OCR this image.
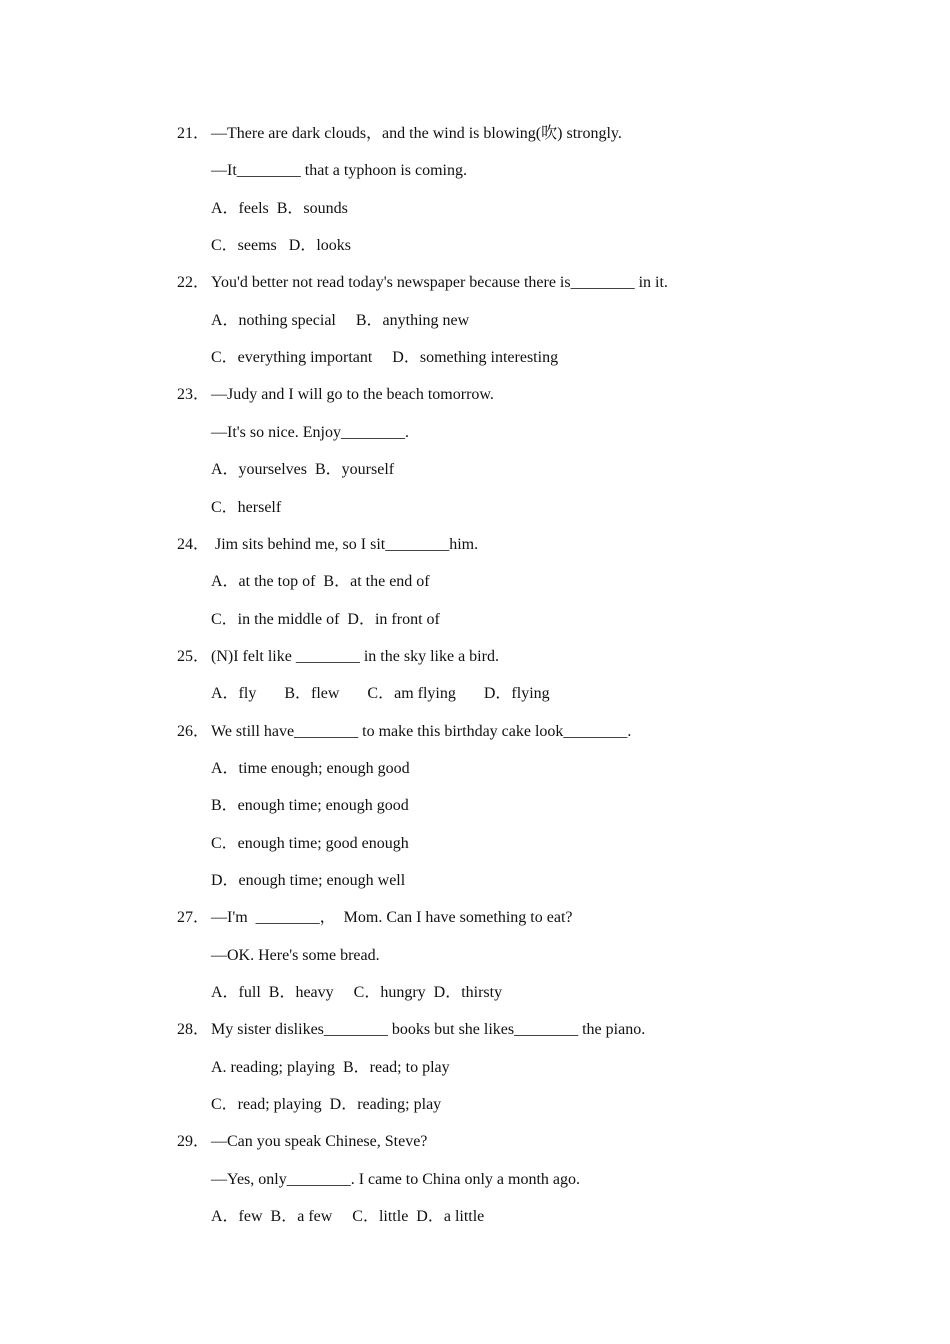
21． —There are dark clouds，and the wind is blowing(吹) strongly.
—It________ that a typhoon is coming.
A．feels  B．sounds
C．seems   D．looks
22． You'd better not read today's newspaper because there is________ in it.
A．nothing special     B．anything new
C．everything important     D．something interesting
23． —Judy and I will go to the beach tomorrow.
—It's so nice. Enjoy________.
A．yourselves  B．yourself
C．herself
24． Jim sits behind me, so I sit________him.
A．at the top of  B．at the end of
C．in the middle of  D．in front of
25． (N)I felt like ________ in the sky like a bird.
A．fly       B．flew       C．am flying       D．flying
26． We still have________ to make this birthday cake look________.
A．time enough; enough good
B．enough time; enough good
C．enough time; good enough
D．enough time; enough well
27． —I'm  ________，  Mom. Can I have something to eat?
—OK. Here's some bread.
A．full  B．heavy     C．hungry  D．thirsty
28． My sister dislikes________ books but she likes________ the piano.
A. reading; playing  B．read; to play
C．read; playing  D．reading; play
29． —Can you speak Chinese, Steve?
—Yes, only________. I came to China only a month ago.
A．few  B．a few     C．little  D．a little
